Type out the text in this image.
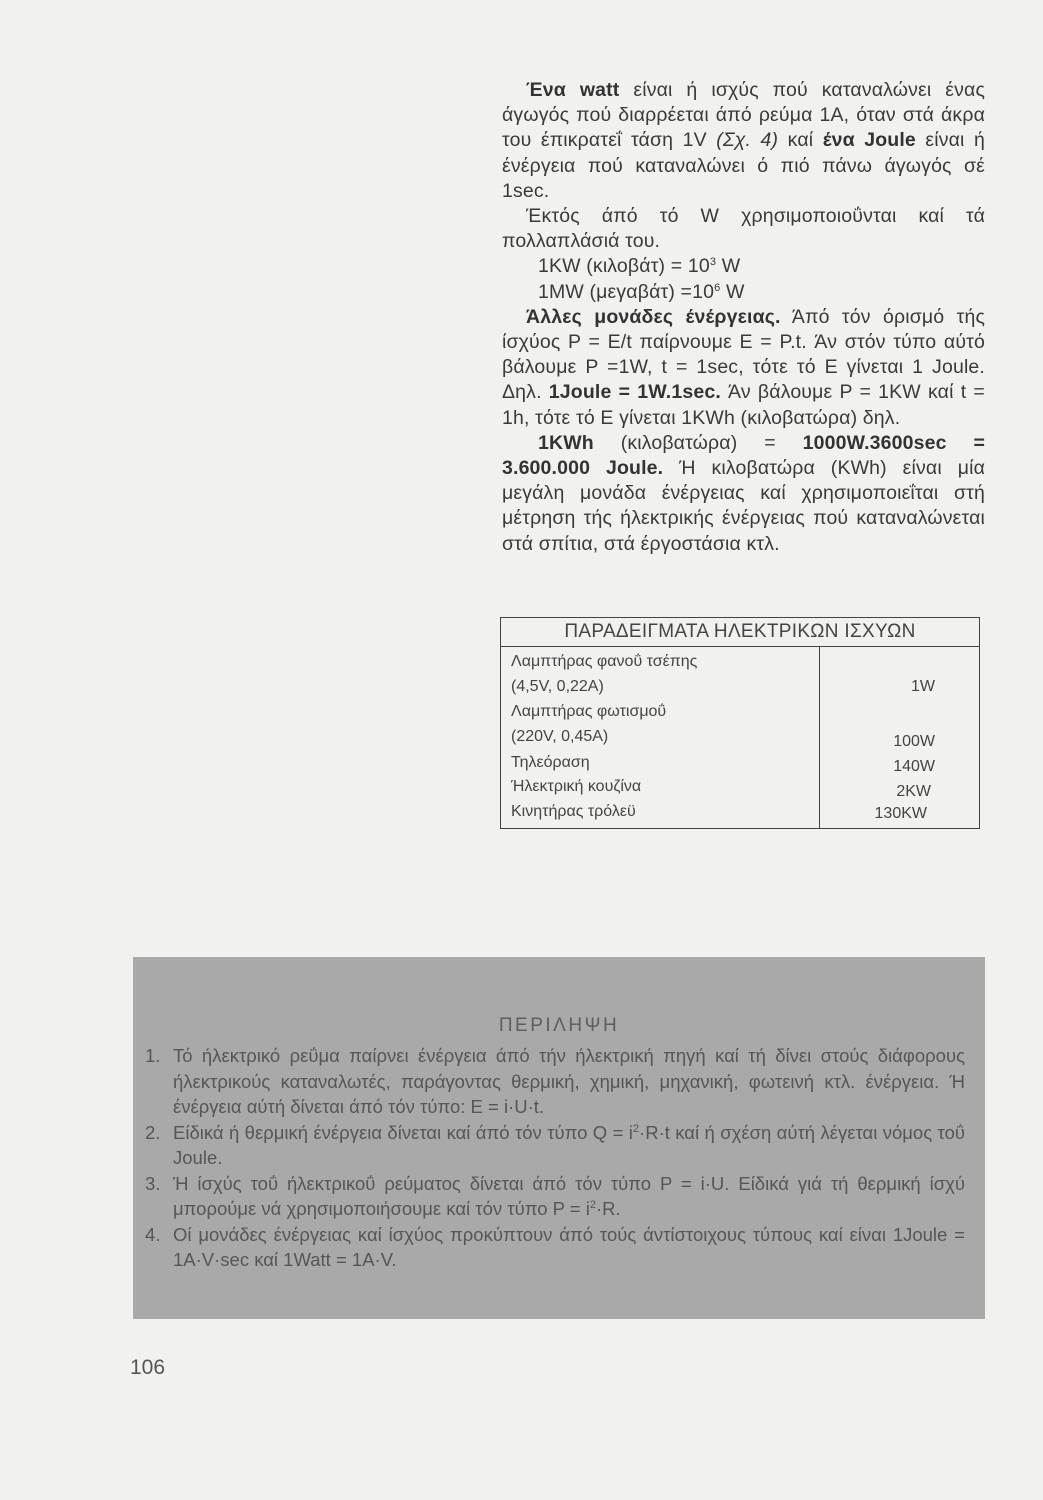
Ένα watt είναι ή ισχύς πού καταναλώνει ένας άγωγός πού διαρρέεται άπό ρεύμα 1Α, όταν στά άκρα του έπικρατεΐ τάση 1V (Σχ. 4) καί ένα Joule είναι ή ένέργεια πού καταναλώνει ό πιό πάνω άγωγός σέ 1sec.

Έκτός άπό τό W χρησιμοποιοΰνται καί τά πολλαπλάσιά του.

1KW $(\kappa\iota\lambda o\beta ά\tau) = 10^3$ W

1MW $(\mu\varepsilon\gamma\alpha\beta ά\tau) =10^6$ W

Άλλες μονάδες ένέργειας. Άπό τόν όρισμό τής ίσχύος P = E/t παίρνουμε E = P.t. Άν στόν τύπο αύτό βάλουμε P =1W, t = 1sec, τότε τό E γίνεται 1 Joule. Δηλ. 1Joule = 1W.1sec. Άν βάλουμε P = 1KW καί t = 1h, τότε τό E γίνεται 1KWh (κιλοβατώρα) δηλ.

1KWh (κιλοβατώρα) = 1000W.3600sec = 3.600.000 Joule. Ή κιλοβατώρα (KWh) είναι μία μεγάλη μονάδα ένέργειας καί χρησιμοποιεΐται στή μέτρηση τής ήλεκτρικής ένέργειας πού καταναλώνεται στά σπίτια, στά έργοστάσια κτλ.

ΠΑΡΑΔΕΙΓΜΑΤΑ ΗΛΕΚΤΡΙΚΩΝ ΙΣΧΥΩΝ
Λαμπτήρας φανοΰ τσέπης
(4,5V, 0,22A)	1W
Λαμπτήρας φωτισμοΰ
(220V, 0,45A)	100W
Τηλεόραση	140W
Ήλεκτρική κουζίνα	2KW
Κινητήρας τρόλεϋ	130KW
ΠΕΡΙΛΗΨΗ
1. Τό ήλεκτρικό ρεΰμα παίρνει ένέργεια άπό τήν ήλεκτρική πηγή καί τή δίνει στούς διάφορους ήλεκτρικούς καταναλωτές, παράγοντας θερμική, χημική, μηχανική, φωτεινή κτλ. ένέργεια. Ή ένέργεια αύτή δίνεται άπό τόν τύπο: E = i·U·t.
2. Είδικά ή θερμική ένέργεια δίνεται καί άπό τόν τύπο $Q = i^2\cdot R\cdot t$ καί ή σχέση αύτή λέγεται νόμος τοΰ Joule.
3. Ή ίσχύς τοΰ ήλεκτρικοΰ ρεύματος δίνεται άπό τόν τύπο P = i·U. Είδικά γιά τή θερμική ίσχύ μπορούμε νά χρησιμοποιήσουμε καί τόν τύπο $P = i^2\cdot R$.
4. Οί μονάδες ένέργειας καί ίσχύος προκύπτουν άπό τούς άντίστοιχους τύπους καί είναι 1Joule = 1A·V·sec καί 1Watt = 1A·V.
106
